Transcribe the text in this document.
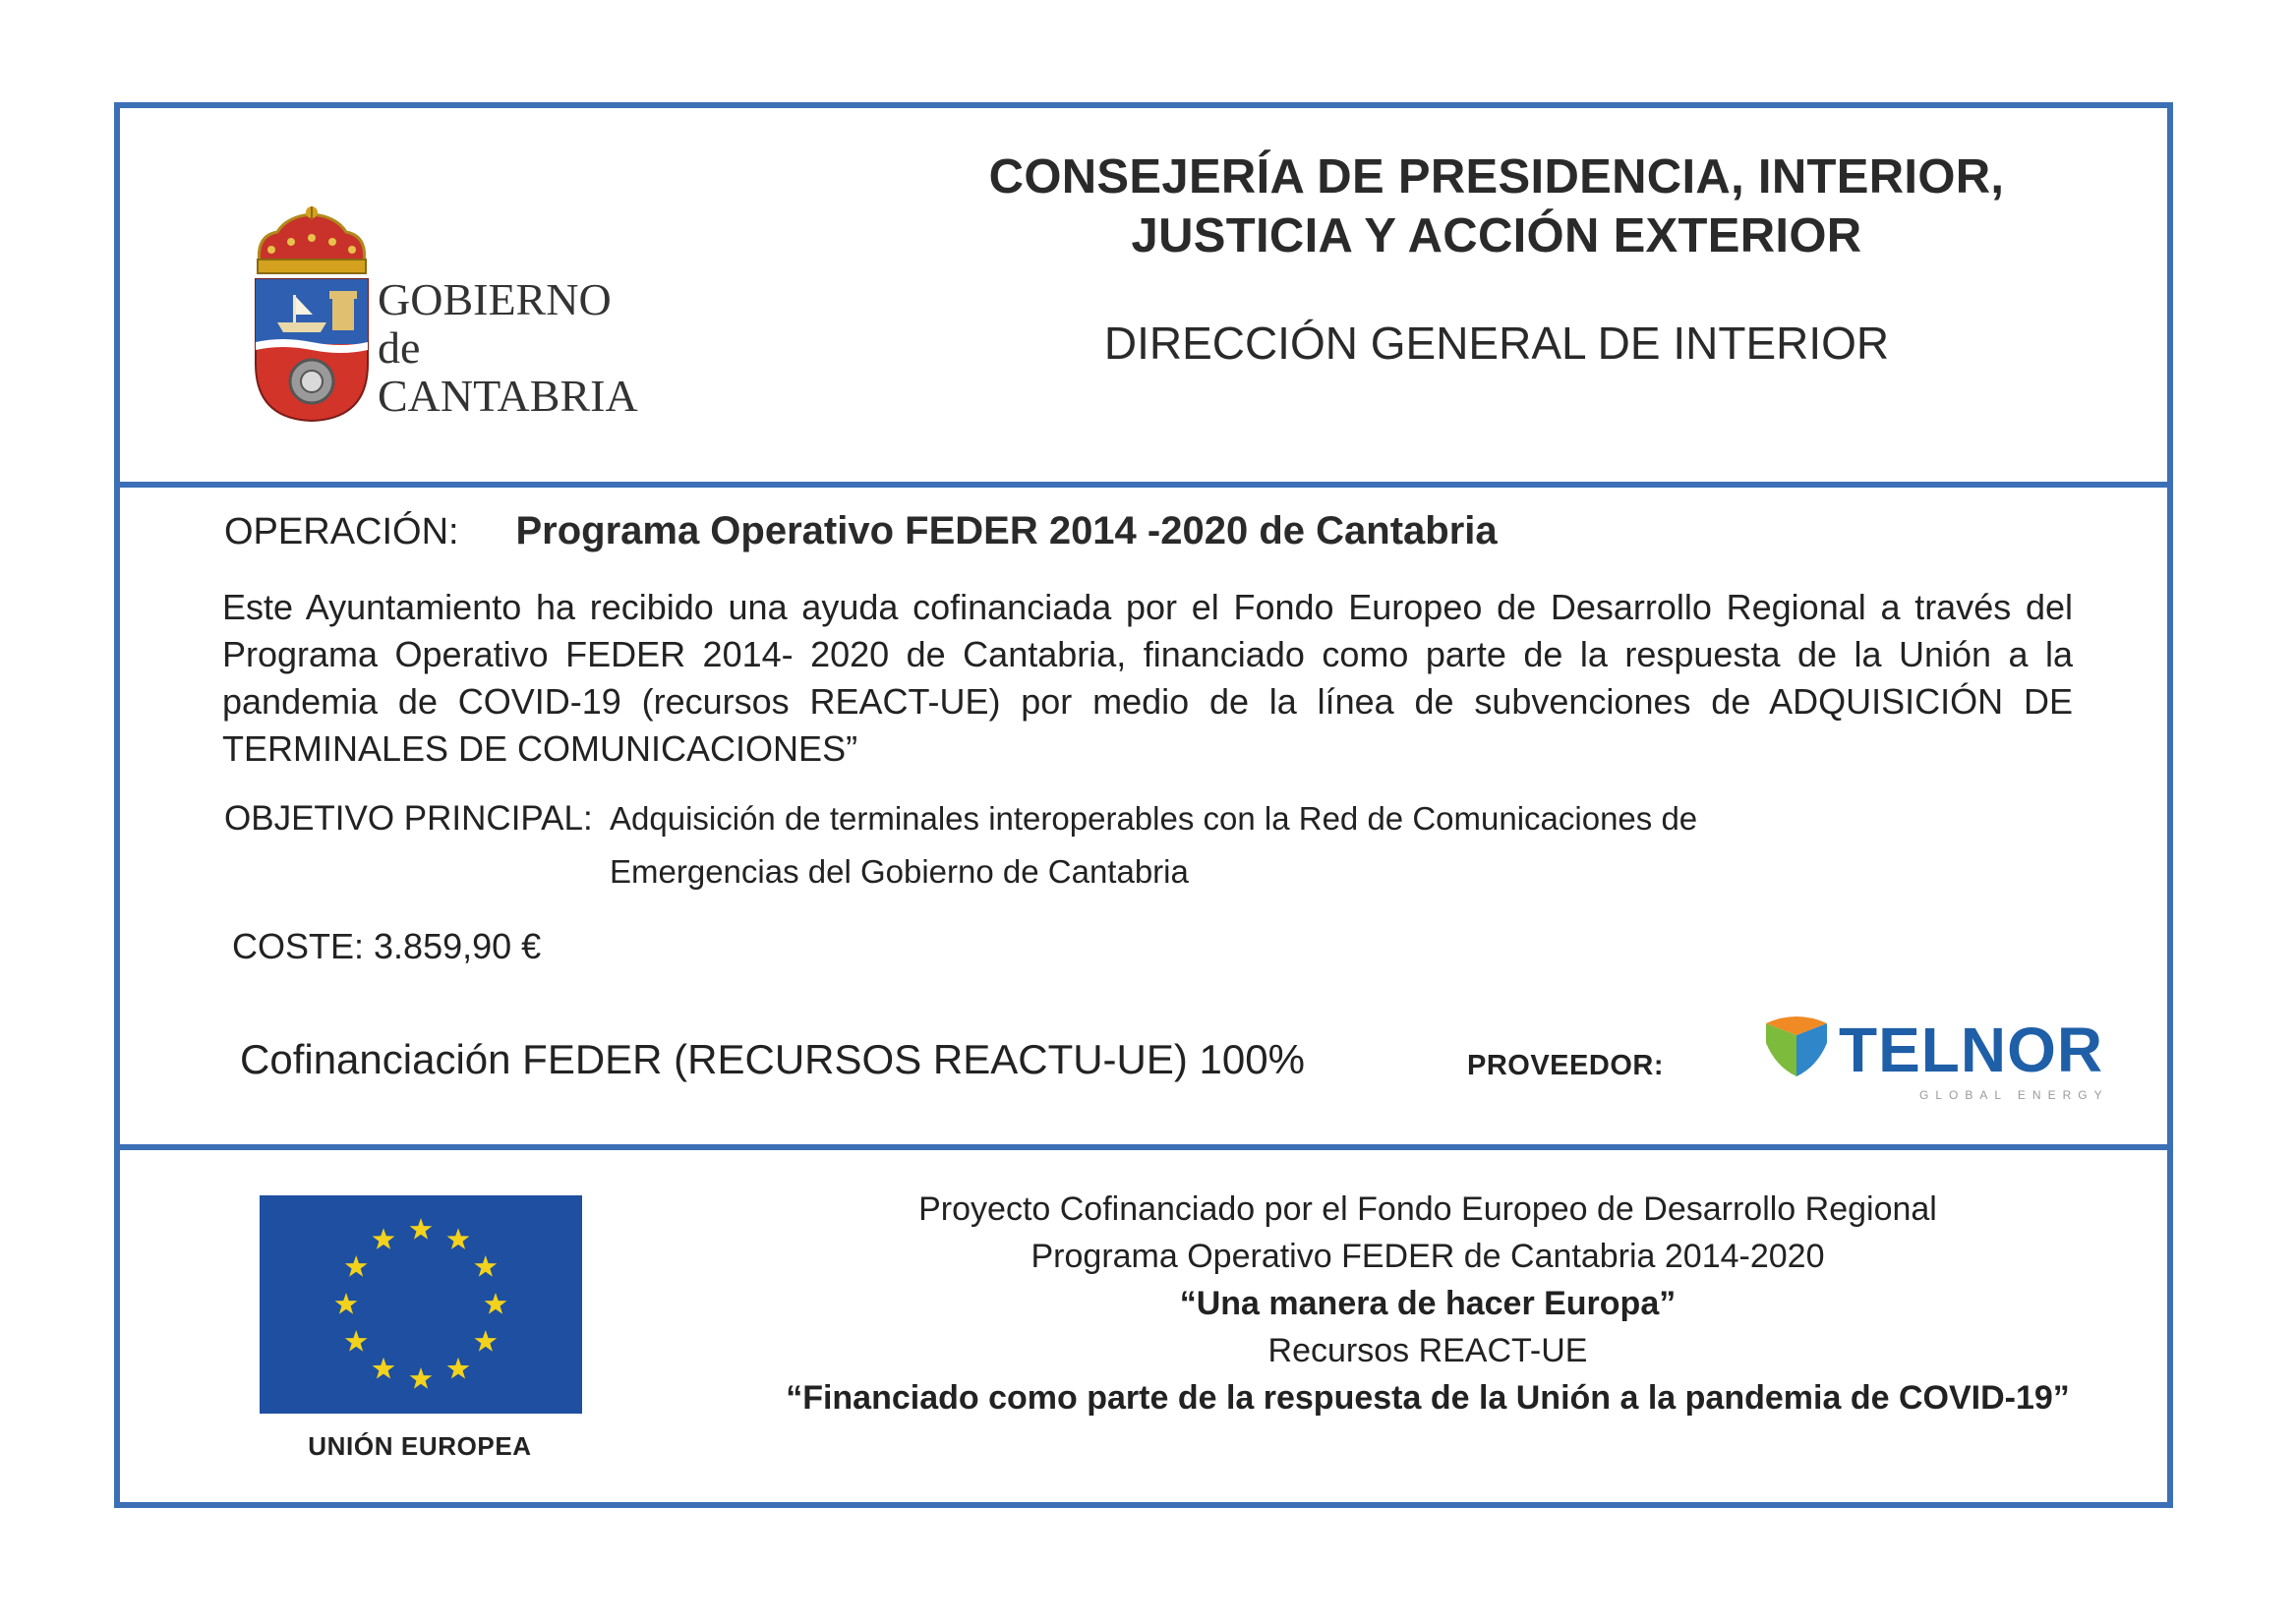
GOBIERNO
de
CANTABRIA
CONSEJERÍA DE PRESIDENCIA, INTERIOR,
JUSTICIA Y ACCIÓN EXTERIOR
DIRECCIÓN GENERAL DE INTERIOR
OPERACIÓN: Programa Operativo FEDER 2014 -2020 de Cantabria
Este Ayuntamiento ha recibido una ayuda cofinanciada por el Fondo Europeo de Desarrollo Regional a través del Programa Operativo FEDER 2014- 2020 de Cantabria, financiado como parte de la respuesta de la Unión a la pandemia de COVID-19 (recursos REACT-UE) por medio de la línea de subvenciones de ADQUISICIÓN DE TERMINALES DE COMUNICACIONES”
OBJETIVO PRINCIPAL: Adquisición de terminales interoperables con la Red de Comunicaciones de Emergencias del Gobierno de Cantabria
COSTE: 3.859,90 €
Cofinanciación FEDER (RECURSOS REACTU-UE) 100%	PROVEEDOR:	TELNOR
GLOBAL ENERGY
UNIÓN EUROPEA
Proyecto Cofinanciado por el Fondo Europeo de Desarrollo Regional
Programa Operativo FEDER de Cantabria 2014-2020
“Una manera de hacer Europa”
Recursos REACT-UE
“Financiado como parte de la respuesta de la Unión a la pandemia de COVID-19”
